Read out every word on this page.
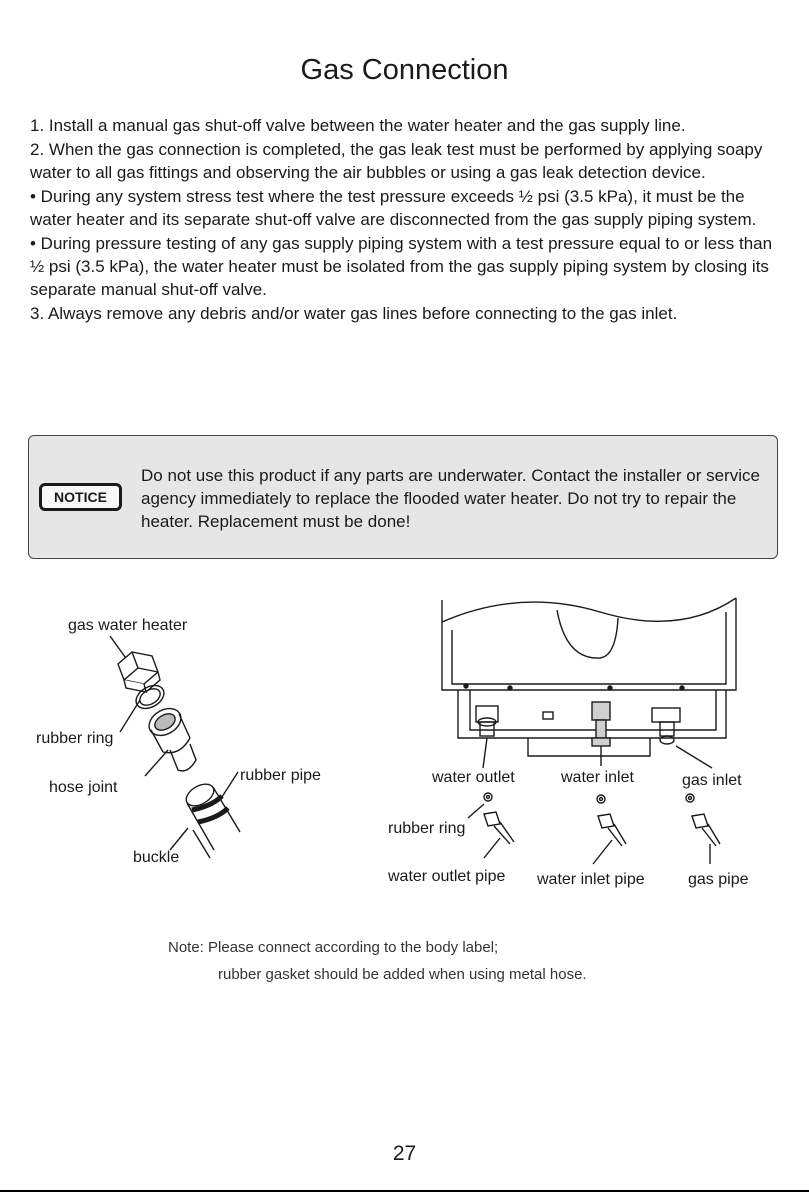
Gas Connection

1. Install a manual gas shut-off valve between the water heater and the gas supply line.

2. When the gas connection is completed, the gas leak test must be performed by applying soapy water to all gas fittings and observing the air bubbles or using a gas leak detection device.

• During any system stress test where the test pressure exceeds ½ psi (3.5 kPa), it must be the water heater and its separate shut-off valve are disconnected from the gas supply piping system.

• During pressure testing of any gas supply piping system with a test pressure equal to or less than ½ psi (3.5 kPa), the water heater must be isolated from the gas supply piping system by closing its separate manual shut-off valve.

3. Always remove any debris and/or water gas lines before connecting to the gas inlet.

NOTICE
Do not use this product if any parts are underwater. Contact the installer or service agency immediately to replace the flooded water heater. Do not try to repair the heater. Replacement must be done!
gas water heater
rubber ring
hose joint
rubber pipe
buckle
water outlet	water inlet	gas inlet
rubber ring
water outlet pipe water inlet pipe	gas pipe
Note: Please connect according to the body label;
rubber gasket should be added when using metal hose.
27
